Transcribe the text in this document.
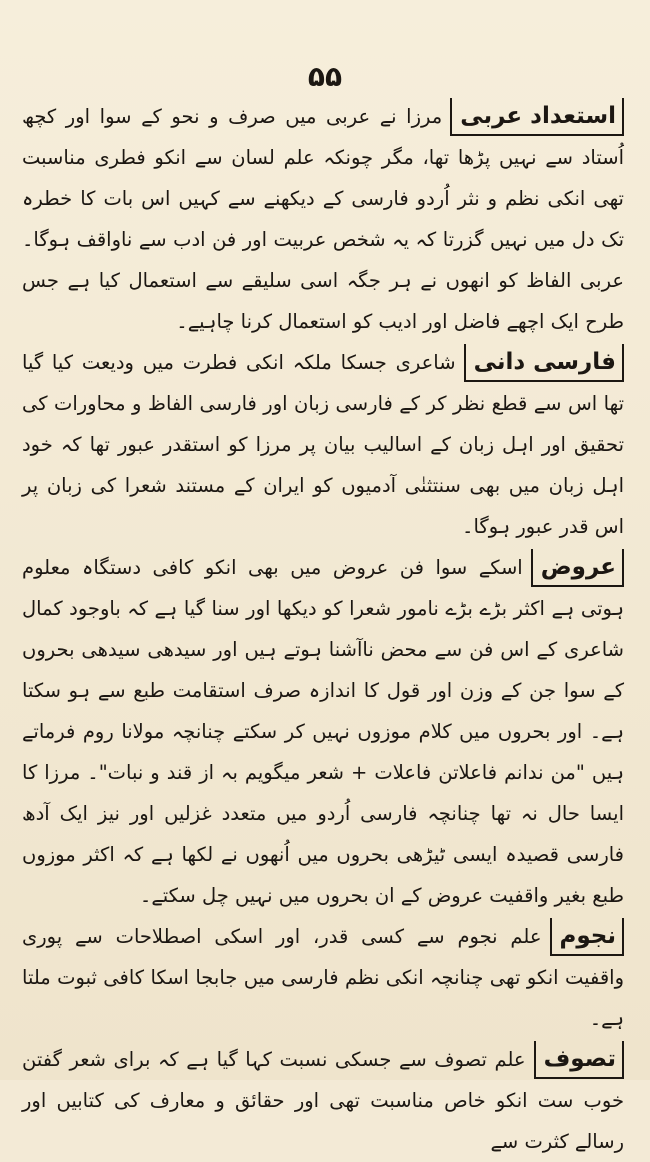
۵۵

استعداد عربیمرزا نے عربی میں صرف و نحو کے سوا اور کچھ اُستاد سے نہیں پڑھا تھا، مگر چونکہ علم لسان سے انکو فطری مناسبت تھی انکی نظم و نثر اُردو فارسی کے دیکھنے سے کہیں اس بات کا خطرہ تک دل میں نہیں گزرتا کہ یہ شخص عربیت اور فن ادب سے ناواقف ہوگا۔ عربی الفاظ کو انھوں نے ہر جگہ اسی سلیقے سے استعمال کیا ہے جس طرح ایک اچھے فاضل اور ادیب کو استعمال کرنا چاہیے۔

فارسی دانیشاعری جسکا ملکہ انکی فطرت میں ودیعت کیا گیا تھا اس سے قطع نظر کر کے فارسی زبان اور فارسی الفاظ و محاورات کی تحقیق اور اہل زبان کے اسالیب بیان پر مرزا کو استقدر عبور تھا کہ خود اہل زبان میں بھی سنتثنٰی آدمیوں کو ایران کے مستند شعرا کی زبان پر اس قدر عبور ہوگا۔

عروضاسکے سوا فن عروض میں بھی انکو کافی دستگاہ معلوم ہوتی ہے اکثر بڑے بڑے نامور شعرا کو دیکھا اور سنا گیا ہے کہ باوجود کمال شاعری کے اس فن سے محض ناآشنا ہوتے ہیں اور سیدھی سیدھی بحروں کے سوا جن کے وزن اور قول کا اندازہ صرف استقامت طبع سے ہو سکتا ہے۔ اور بحروں میں کلام موزوں نہیں کر سکتے چنانچہ مولانا روم فرماتے ہیں "من ندانم فاعلاتن فاعلات + شعر میگویم بہ از قند و نبات"۔ مرزا کا ایسا حال نہ تھا چنانچہ فارسی اُردو میں متعدد غزلیں اور نیز ایک آدھ فارسی قصیدہ ایسی ٹیڑھی بحروں میں اُنھوں نے لکھا ہے کہ اکثر موزوں طبع بغیر واقفیت عروض کے ان بحروں میں نہیں چل سکتے۔

نجومعلم نجوم سے کسی قدر، اور اسکی اصطلاحات سے پوری واقفیت انکو تھی چنانچہ انکی نظم فارسی میں جابجا اسکا کافی ثبوت ملتا ہے۔

تصوفعلم تصوف سے جسکی نسبت کہا گیا ہے کہ برای شعر گفتن خوب ست انکو خاص مناسبت تھی اور حقائق و معارف کی کتابیں اور رسالے کثرت سے
